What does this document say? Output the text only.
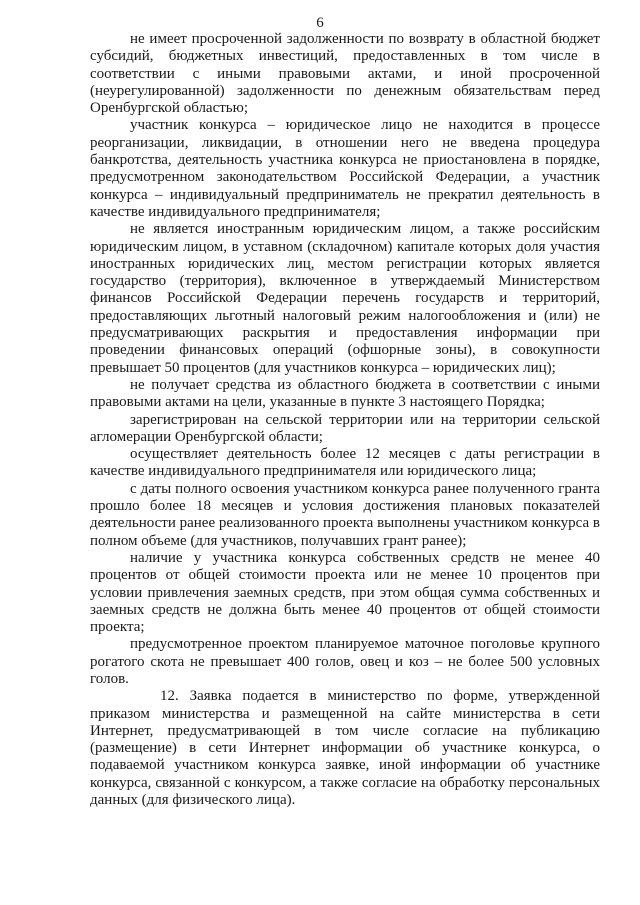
6

не имеет просроченной задолженности по возврату в областной бюджет субсидий, бюджетных инвестиций, предоставленных в том числе в соответствии с иными правовыми актами, и иной просроченной (неурегулированной) задолженности по денежным обязательствам перед Оренбургской областью;

участник конкурса – юридическое лицо не находится в процессе реорганизации, ликвидации, в отношении него не введена процедура банкротства, деятельность участника конкурса не приостановлена в порядке, предусмотренном законодательством Российской Федерации, а участник конкурса – индивидуальный предприниматель не прекратил деятельность в качестве индивидуального предпринимателя;

не является иностранным юридическим лицом, а также российским юридическим лицом, в уставном (складочном) капитале которых доля участия иностранных юридических лиц, местом регистрации которых является государство (территория), включенное в утверждаемый Министерством финансов Российской Федерации перечень государств и территорий, предоставляющих льготный налоговый режим налогообложения и (или) не предусматривающих раскрытия и предоставления информации при проведении финансовых операций (офшорные зоны), в совокупности превышает 50 процентов (для участников конкурса – юридических лиц);

не получает средства из областного бюджета в соответствии с иными правовыми актами на цели, указанные в пункте 3 настоящего Порядка;

зарегистрирован на сельской территории или на территории сельской агломерации Оренбургской области;

осуществляет деятельность более 12 месяцев с даты регистрации в качестве индивидуального предпринимателя или юридического лица;

с даты полного освоения участником конкурса ранее полученного гранта прошло более 18 месяцев и условия достижения плановых показателей деятельности ранее реализованного проекта выполнены участником конкурса в полном объеме (для участников, получавших грант ранее);

наличие у участника конкурса собственных средств не менее 40 процентов от общей стоимости проекта или не менее 10 процентов при условии привлечения заемных средств, при этом общая сумма собственных и заемных средств не должна быть менее 40 процентов от общей стоимости проекта;

предусмотренное проектом планируемое маточное поголовье крупного рогатого скота не превышает 400 голов, овец и коз – не более 500 условных голов.

12. Заявка подается в министерство по форме, утвержденной приказом министерства и размещенной на сайте министерства в сети Интернет, предусматривающей в том числе согласие на публикацию (размещение) в сети Интернет информации об участнике конкурса, о подаваемой участником конкурса заявке, иной информации об участнике конкурса, связанной с конкурсом, а также согласие на обработку персональных данных (для физического лица).
